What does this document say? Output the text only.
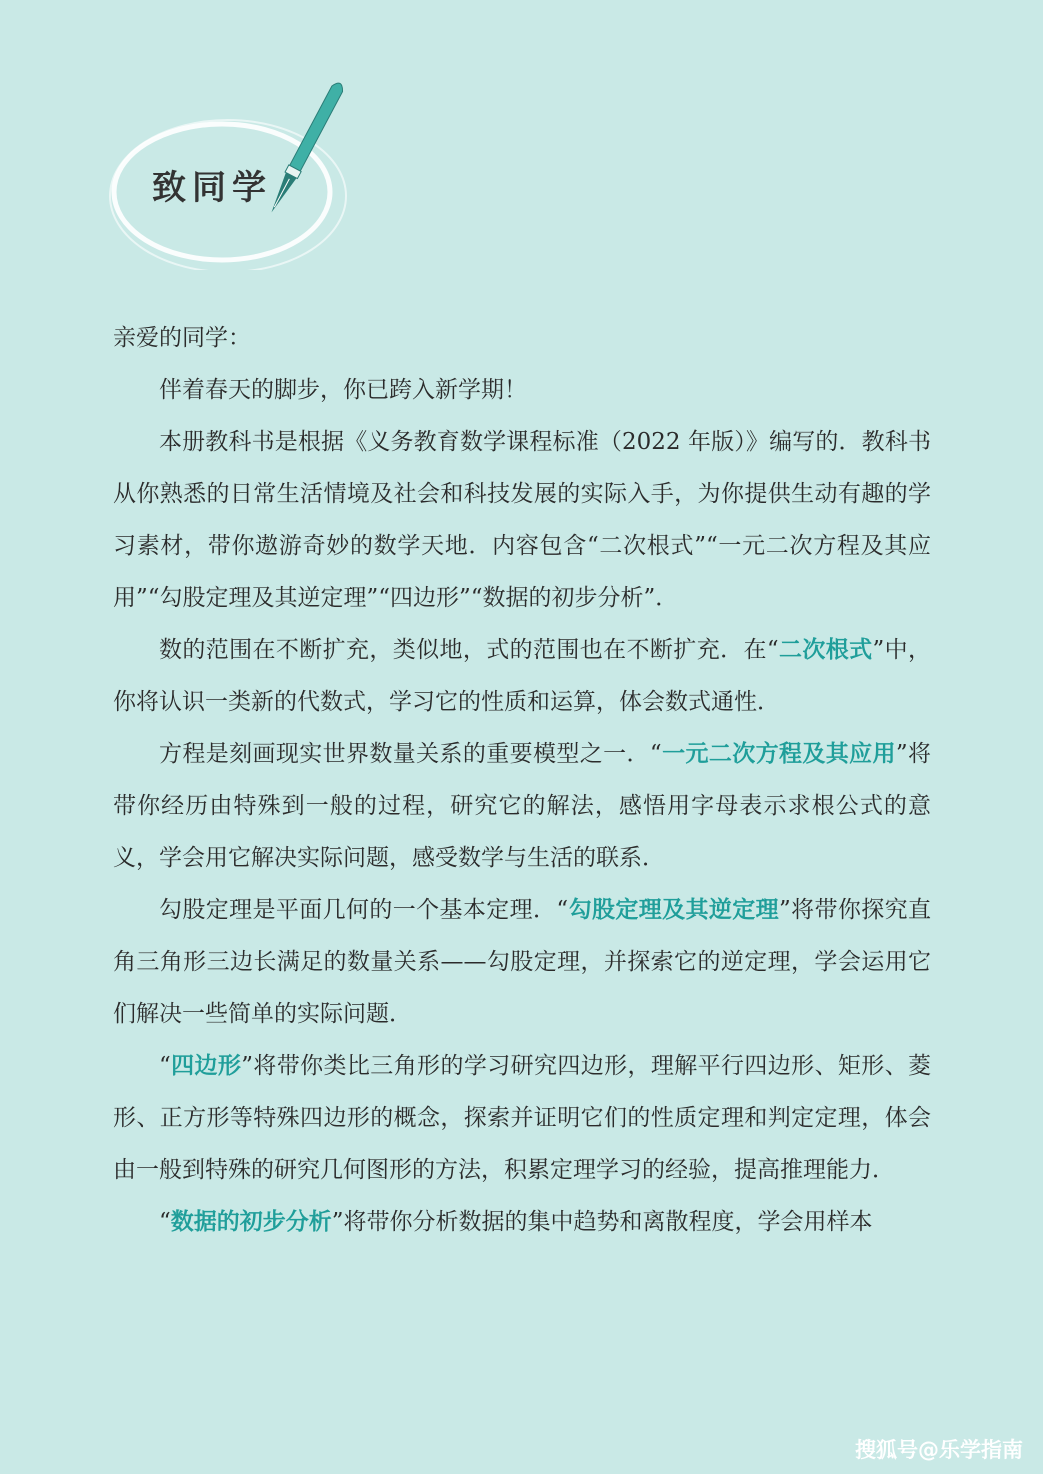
致同学

亲爱的同学：

伴着春天的脚步，你已跨入新学期！

本册教科书是根据《义务教育数学课程标准（2022 年版）》编写的．教科书从你熟悉的日常生活情境及社会和科技发展的实际入手，为你提供生动有趣的学习素材，带你遨游奇妙的数学天地．内容包含“二次根式”“一元二次方程及其应用”“勾股定理及其逆定理”“四边形”“数据的初步分析”．

数的范围在不断扩充，类似地，式的范围也在不断扩充．在“二次根式”中，你将认识一类新的代数式，学习它的性质和运算，体会数式通性．

方程是刻画现实世界数量关系的重要模型之一．“一元二次方程及其应用”将带你经历由特殊到一般的过程，研究它的解法，感悟用字母表示求根公式的意义，学会用它解决实际问题，感受数学与生活的联系．

勾股定理是平面几何的一个基本定理．“勾股定理及其逆定理”将带你探究直角三角形三边长满足的数量关系——勾股定理，并探索它的逆定理，学会运用它们解决一些简单的实际问题．

“四边形”将带你类比三角形的学习研究四边形，理解平行四边形、矩形、菱形、正方形等特殊四边形的概念，探索并证明它们的性质定理和判定定理，体会由一般到特殊的研究几何图形的方法，积累定理学习的经验，提高推理能力．

“数据的初步分析”将带你分析数据的集中趋势和离散程度，学会用样本

搜狐号@乐学指南
